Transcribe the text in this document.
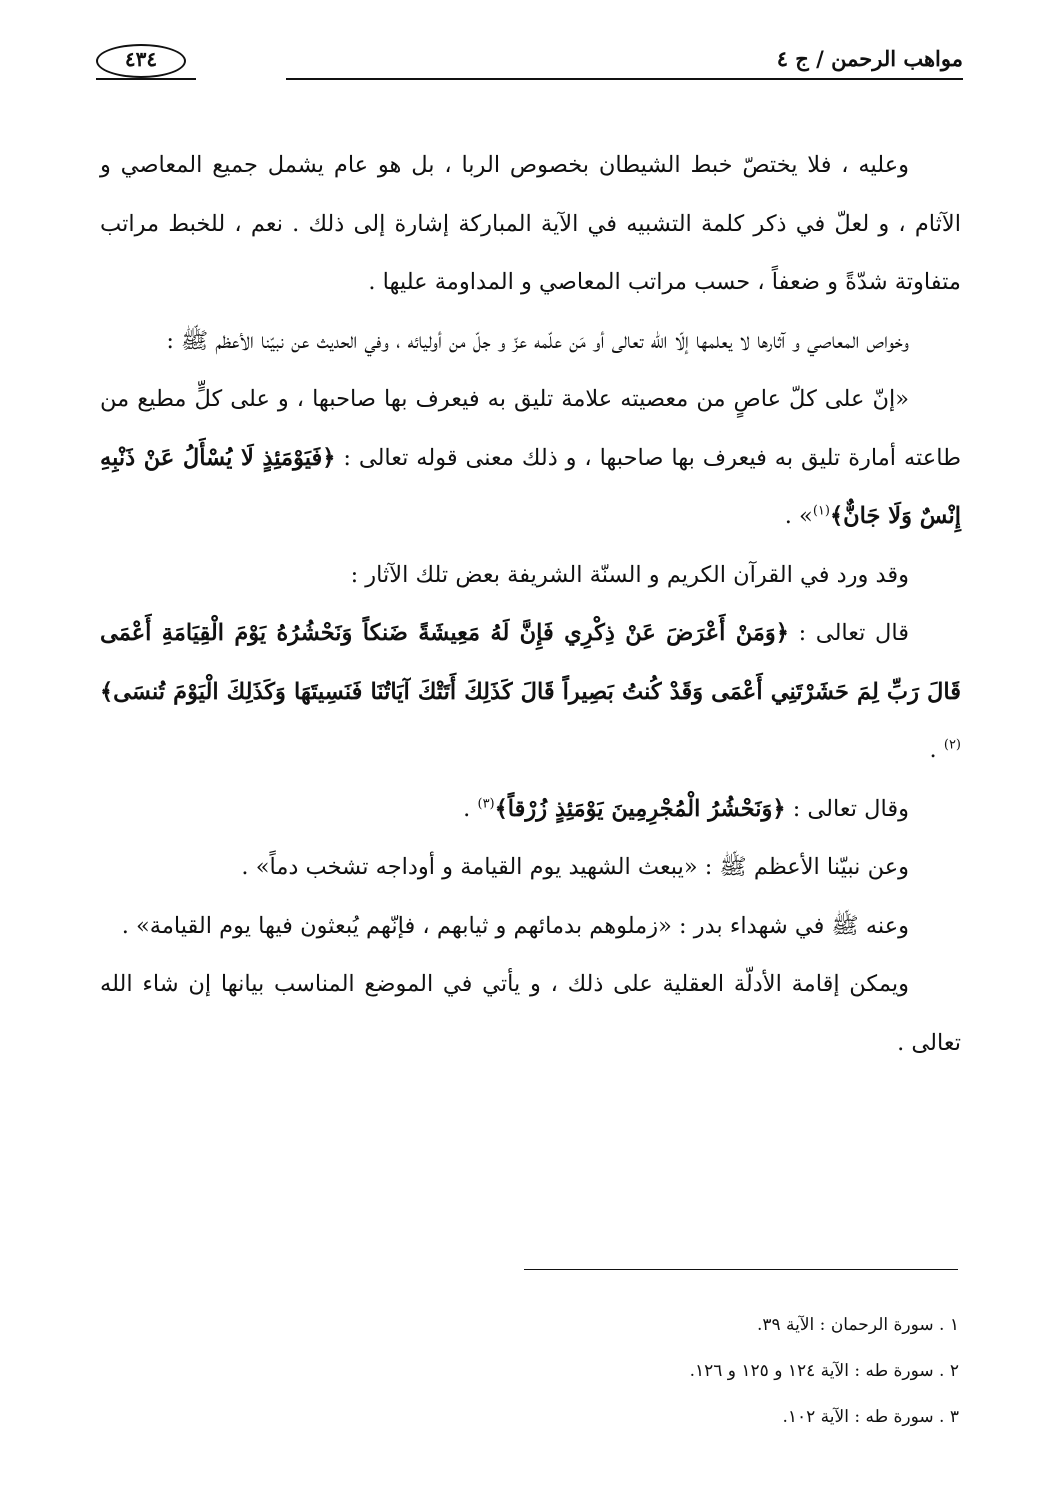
مواهب الرحمن / ج ٤
٤٣٤

وعليه ، فلا يختصّ خبط الشيطان بخصوص الربا ، بل هو عام يشمل جميع المعاصي و الآثام ، و لعلّ في ذكر كلمة التشبيه في الآية المباركة إشارة إلى ذلك . نعم ، للخبط مراتب متفاوتة شدّةً و ضعفاً ، حسب مراتب المعاصي و المداومة عليها .

وخواص المعاصي و آثارها لا يعلمها إلّا الله تعالى أو مَن علّمه عزّ و جلّ من أوليائه ، وفي الحديث عن نبيّنا الأعظم ﷺ :

«إنّ على كلّ عاصٍ من معصيته علامة تليق به فيعرف بها صاحبها ، و على كلٍّ مطيع من طاعته أمارة تليق به فيعرف بها صاحبها ، و ذلك معنى قوله تعالى : ﴿فَيَوْمَئِذٍ لَا يُسْأَلُ عَنْ ذَنْبِهِ إِنْسٌ وَلَا جَانٌّ﴾$^{(١)}$» .

وقد ورد في القرآن الكريم و السنّة الشريفة بعض تلك الآثار :

قال تعالى : ﴿وَمَنْ أَعْرَضَ عَنْ ذِكْرِي فَإِنَّ لَهُ مَعِيشَةً ضَنكاً وَنَحْشُرُهُ يَوْمَ الْقِيَامَةِ أَعْمَى قَالَ رَبِّ لِمَ حَشَرْتَنِي أَعْمَى وَقَدْ كُنتُ بَصِيراً قَالَ كَذَلِكَ أَتَتْكَ آيَاتُنَا فَنَسِيتَهَا وَكَذَلِكَ الْيَوْمَ تُنسَى﴾$^{(٢)}$ .

وقال تعالى : ﴿وَنَحْشُرُ الْمُجْرِمِينَ يَوْمَئِذٍ زُرْقاً﴾$^{(٣)}$ .

وعن نبيّنا الأعظم ﷺ : «يبعث الشهيد يوم القيامة و أوداجه تشخب دماً» .

وعنه ﷺ في شهداء بدر : «زملوهم بدمائهم و ثيابهم ، فإنّهم يُبعثون فيها يوم القيامة» .

ويمكن إقامة الأدلّة العقلية على ذلك ، و يأتي في الموضع المناسب بيانها إن شاء الله تعالى .

١ . سورة الرحمان : الآية ٣٩.
٢ . سورة طه : الآية ١٢٤ و ١٢٥ و ١٢٦.
٣ . سورة طه : الآية ١٠٢.
